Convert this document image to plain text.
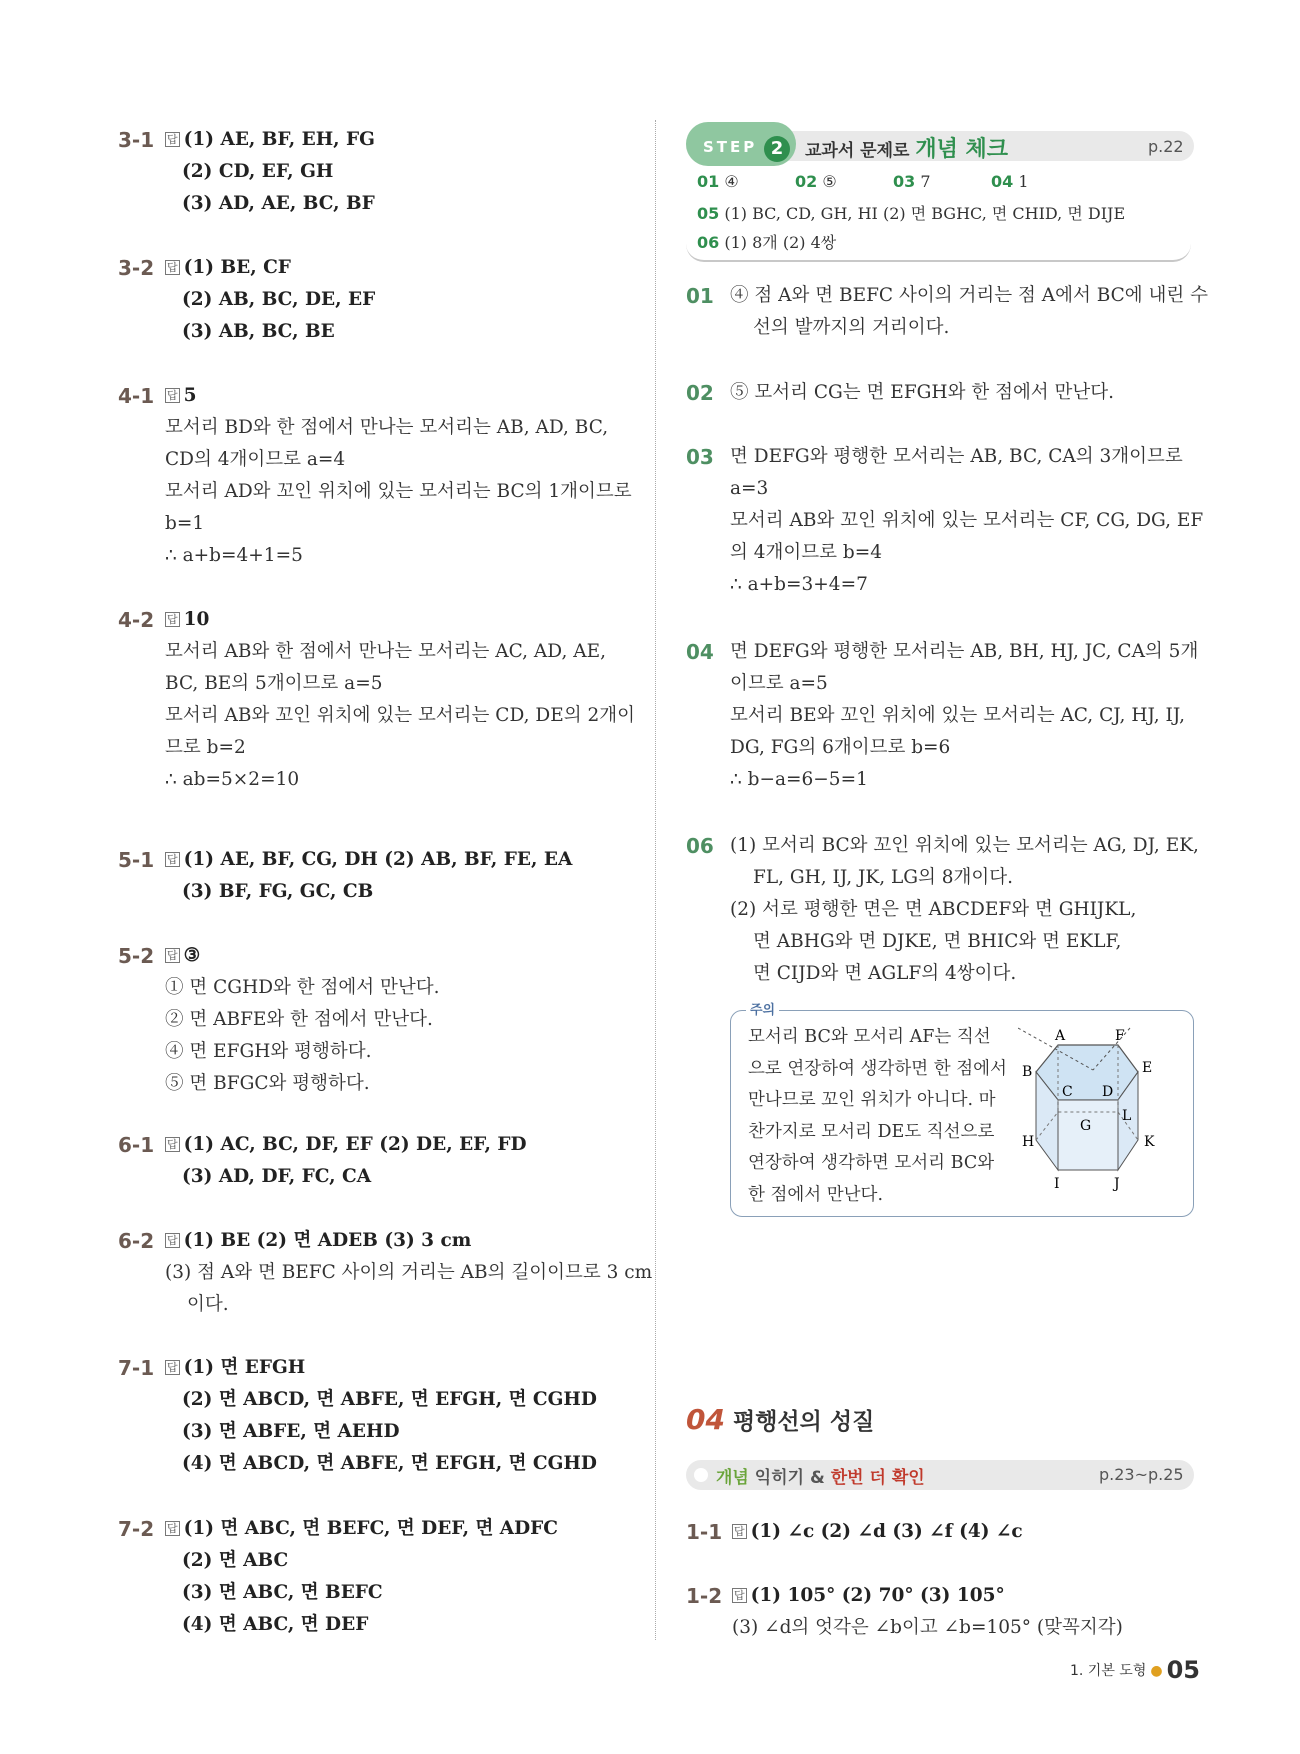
3-1 답 (1) AE, BF, EH, FG
(2) CD, EF, GH
(3) AD, AE, BC, BF
3-2 답 (1) BE, CF
(2) AB, BC, DE, EF
(3) AB, BC, BE
4-1 답 5
모서리 BD와 한 점에서 만나는 모서리는 AB, AD, BC,
CD의 4개이므로 a=4
모서리 AD와 꼬인 위치에 있는 모서리는 BC의 1개이므로
b=1
∴ a+b=4+1=5
4-2 답 10
모서리 AB와 한 점에서 만나는 모서리는 AC, AD, AE,
BC, BE의 5개이므로 a=5
모서리 AB와 꼬인 위치에 있는 모서리는 CD, DE의 2개이
므로 b=2
∴ ab=5×2=10
5-1 답 (1) AE, BF, CG, DH (2) AB, BF, FE, EA
(3) BF, FG, GC, CB
5-2 답 ③
① 면 CGHD와 한 점에서 만난다.
② 면 ABFE와 한 점에서 만난다.
④ 면 EFGH와 평행하다.
⑤ 면 BFGC와 평행하다.
6-1 답 (1) AC, BC, DF, EF (2) DE, EF, FD
(3) AD, DF, FC, CA
6-2 답 (1) BE (2) 면 ADEB (3) 3 cm
(3) 점 A와 면 BEFC 사이의 거리는 AB의 길이이므로 3 cm
이다.
7-1 답 (1) 면 EFGH
(2) 면 ABCD, 면 ABFE, 면 EFGH, 면 CGHD
(3) 면 ABFE, 면 AEHD
(4) 면 ABCD, 면 ABFE, 면 EFGH, 면 CGHD
7-2 답 (1) 면 ABC, 면 BEFC, 면 DEF, 면 ADFC
(2) 면 ABC
(3) 면 ABC, 면 BEFC
(4) 면 ABC, 면 DEF
STEP 2	교과서 문제로 개념 체크	p.22
01 ④	02 ⑤	03 7	04 1
05 (1) BC, CD, GH, HI (2) 면 BGHC, 면 CHID, 면 DIJE
06 (1) 8개 (2) 4쌍
01 ④ 점 A와 면 BEFC 사이의 거리는 점 A에서 BC에 내린 수
선의 발까지의 거리이다.
02 ⑤ 모서리 CG는 면 EFGH와 한 점에서 만난다.
03 면 DEFG와 평행한 모서리는 AB, BC, CA의 3개이므로
a=3
모서리 AB와 꼬인 위치에 있는 모서리는 CF, CG, DG, EF
의 4개이므로 b=4
∴ a+b=3+4=7
04 면 DEFG와 평행한 모서리는 AB, BH, HJ, JC, CA의 5개
이므로 a=5
모서리 BE와 꼬인 위치에 있는 모서리는 AC, CJ, HJ, IJ,
DG, FG의 6개이므로 b=6
∴ b−a=6−5=1
06 (1) 모서리 BC와 꼬인 위치에 있는 모서리는 AG, DJ, EK,
FL, GH, IJ, JK, LG의 8개이다.
(2) 서로 평행한 면은 면 ABCDEF와 면 GHIJKL,
면 ABHG와 면 DJKE, 면 BHIC와 면 EKLF,
면 CIJD와 면 AGLF의 4쌍이다.
주의
모서리 BC와 모서리 AF는 직선
으로 연장하여 생각하면 한 점에서
만나므로 꼬인 위치가 아니다. 마
찬가지로 모서리 DE도 직선으로
연장하여 생각하면 모서리 BC와
한 점에서 만난다.
A	F
B	E
C D
L
G
H	K
I	J
04 평행선의 성질
개념 익히기 & 한번 더 확인	p.23~p.25
1-1 답 (1) ∠c (2) ∠d (3) ∠f (4) ∠c
1-2 답 (1) 105° (2) 70° (3) 105°
(3) ∠d의 엇각은 ∠b이고 ∠b=105° (맞꼭지각)
1. 기본 도형 ● 05
